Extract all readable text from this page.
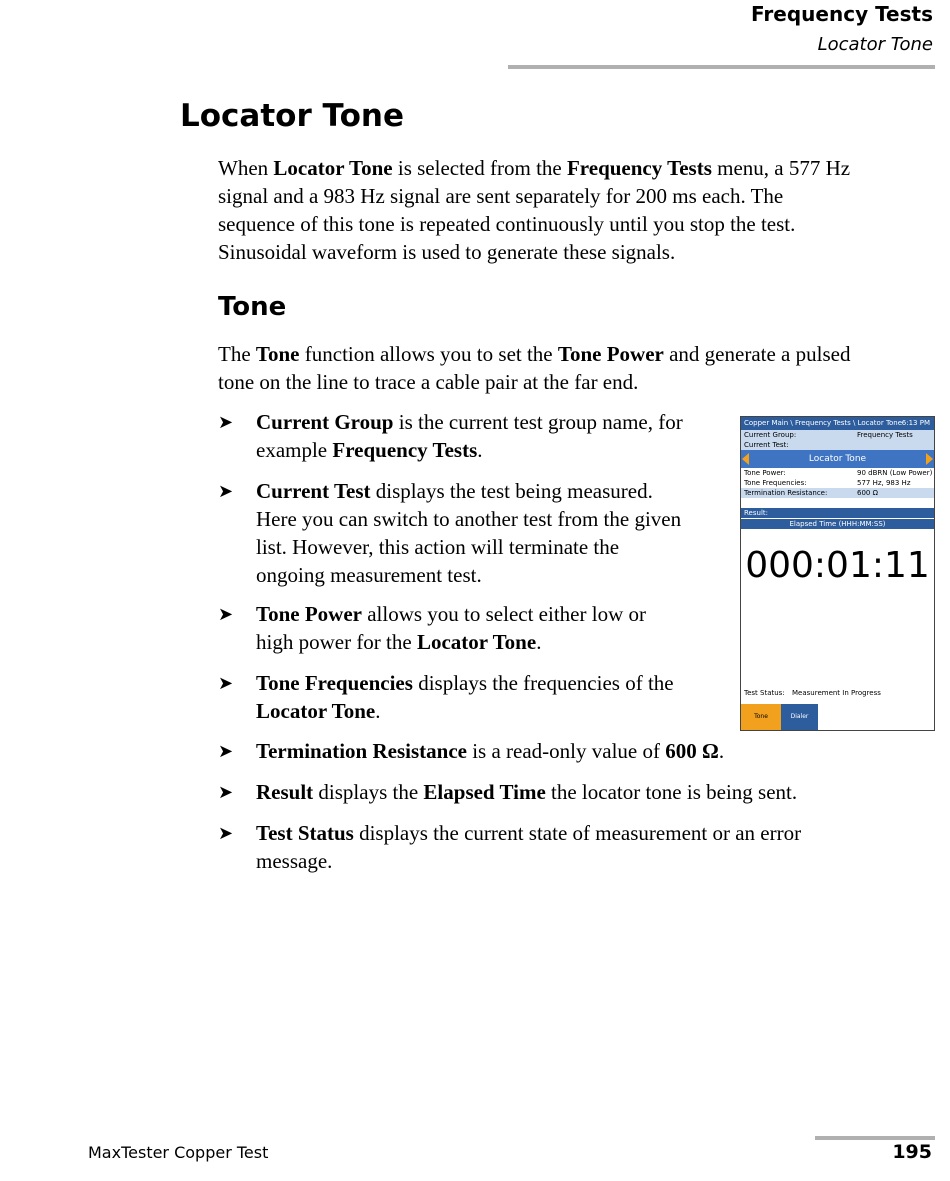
Frequency Tests
Locator Tone
Locator Tone
When Locator Tone is selected from the Frequency Tests menu, a 577 Hz
signal and a 983 Hz signal are sent separately for 200 ms each. The
sequence of this tone is repeated continuously until you stop the test.
Sinusoidal waveform is used to generate these signals.
Tone
The Tone function allows you to set the Tone Power and generate a pulsed
tone on the line to trace a cable pair at the far end.
➤ Current Group is the current test group name, for
example Frequency Tests.
➤ Current Test displays the test being measured.
Here you can switch to another test from the given
list. However, this action will terminate the
ongoing measurement test.
➤ Tone Power allows you to select either low or
high power for the Locator Tone.
➤ Tone Frequencies displays the frequencies of the
Locator Tone.
➤ Termination Resistance is a read-only value of 600 Ω.
➤ Result displays the Elapsed Time the locator tone is being sent.
➤ Test Status displays the current state of measurement or an error
message.
Copper Main \ Frequency Tests \ Locator Tone 6:13 PM
Current Group:	Frequency Tests
Current Test:
Locator Tone
Tone Power:	90 dBRN (Low Power)
Tone Frequencies:	577 Hz, 983 Hz
Termination Resistance:	600 Ω
Result:
Elapsed Time (HHH:MM:SS)
000:01:11
Test Status: Measurement In Progress
Tone	Dialer
MaxTester Copper Test	195
